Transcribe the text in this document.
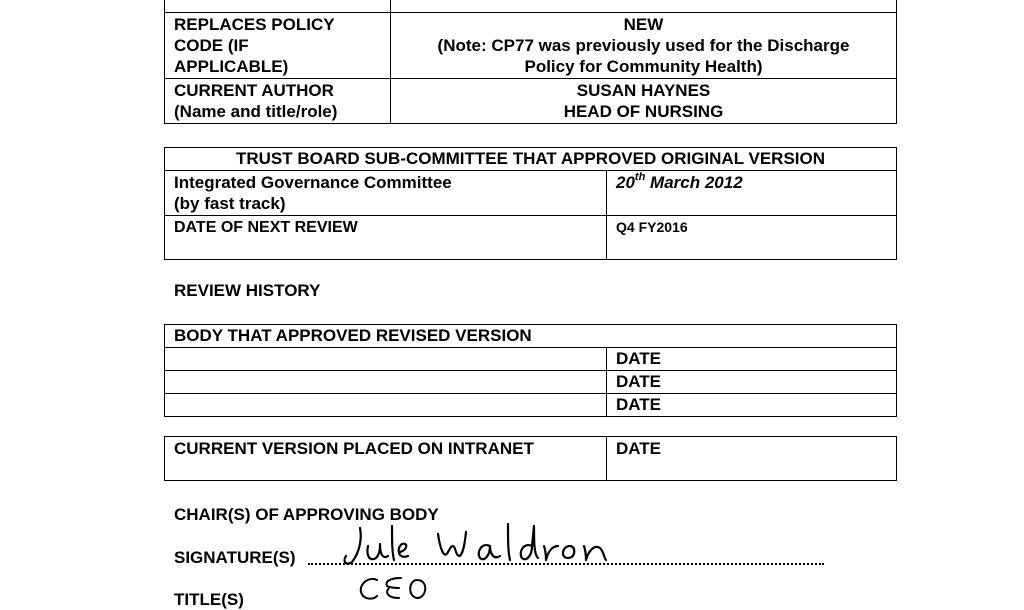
REPLACES POLICY
CODE (IF
APPLICABLE)	NEW
(Note: CP77 was previously used for the Discharge
Policy for Community Health)

CURRENT AUTHOR
(Name and title/role)	SUSAN HAYNES
HEAD OF NURSING
TRUST BOARD SUB-COMMITTEE THAT APPROVED ORIGINAL VERSION	

Integrated Governance Committee
(by fast track)	20th March 2012
DATE OF NEXT REVIEW	Q4 FY2016
REVIEW HISTORY
BODY THAT APPROVED REVISED VERSION	
	DATE
	DATE
	DATE
CURRENT VERSION PLACED ON INTRANET	DATE
CHAIR(S) OF APPROVING BODY
SIGNATURE(S)
TITLE(S)
